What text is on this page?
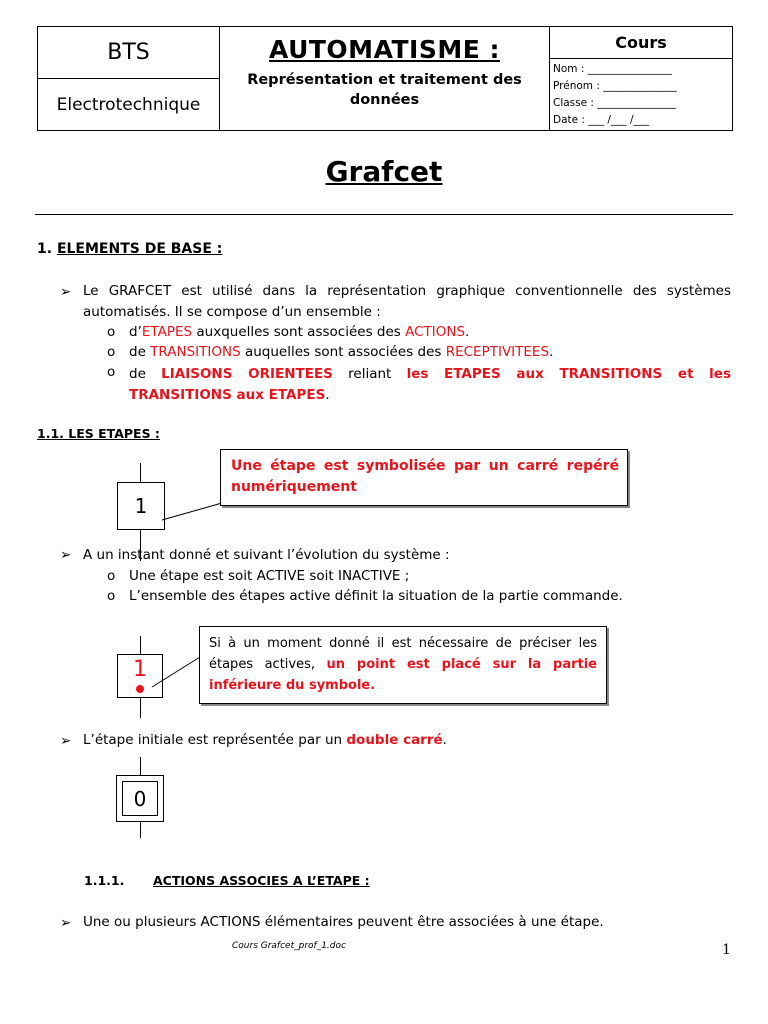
BTS
Electrotechnique
AUTOMATISME :
Représentation et traitement des données
Cours
Nom : ________________
Prénom : ______________
Classe : _______________
Date : ___ /___ /___
Grafcet
1. ELEMENTS DE BASE :
➢ Le GRAFCET est utilisé dans la représentation graphique conventionnelle des systèmes automatisés. Il se compose d’un ensemble :
o d’ETAPES auxquelles sont associées des ACTIONS.
o de TRANSITIONS auquelles sont associées des RECEPTIVITEES.
o de LIAISONS ORIENTEES reliant les ETAPES aux TRANSITIONS et les TRANSITIONS aux ETAPES.
1.1. LES ETAPES :
1
Une étape est symbolisée par un carré repéré numériquement
➢ A un instant donné et suivant l’évolution du système :
o Une étape est soit ACTIVE soit INACTIVE ;
o L’ensemble des étapes active définit la situation de la partie commande.
1
Si à un moment donné il est nécessaire de préciser les étapes actives, un point est placé sur la partie inférieure du symbole.
➢ L’étape initiale est représentée par un double carré.
0
1.1.1. ACTIONS ASSOCIES A L’ETAPE :
➢ Une ou plusieurs ACTIONS élémentaires peuvent être associées à une étape.
Cours Grafcet_prof_1.doc	1
